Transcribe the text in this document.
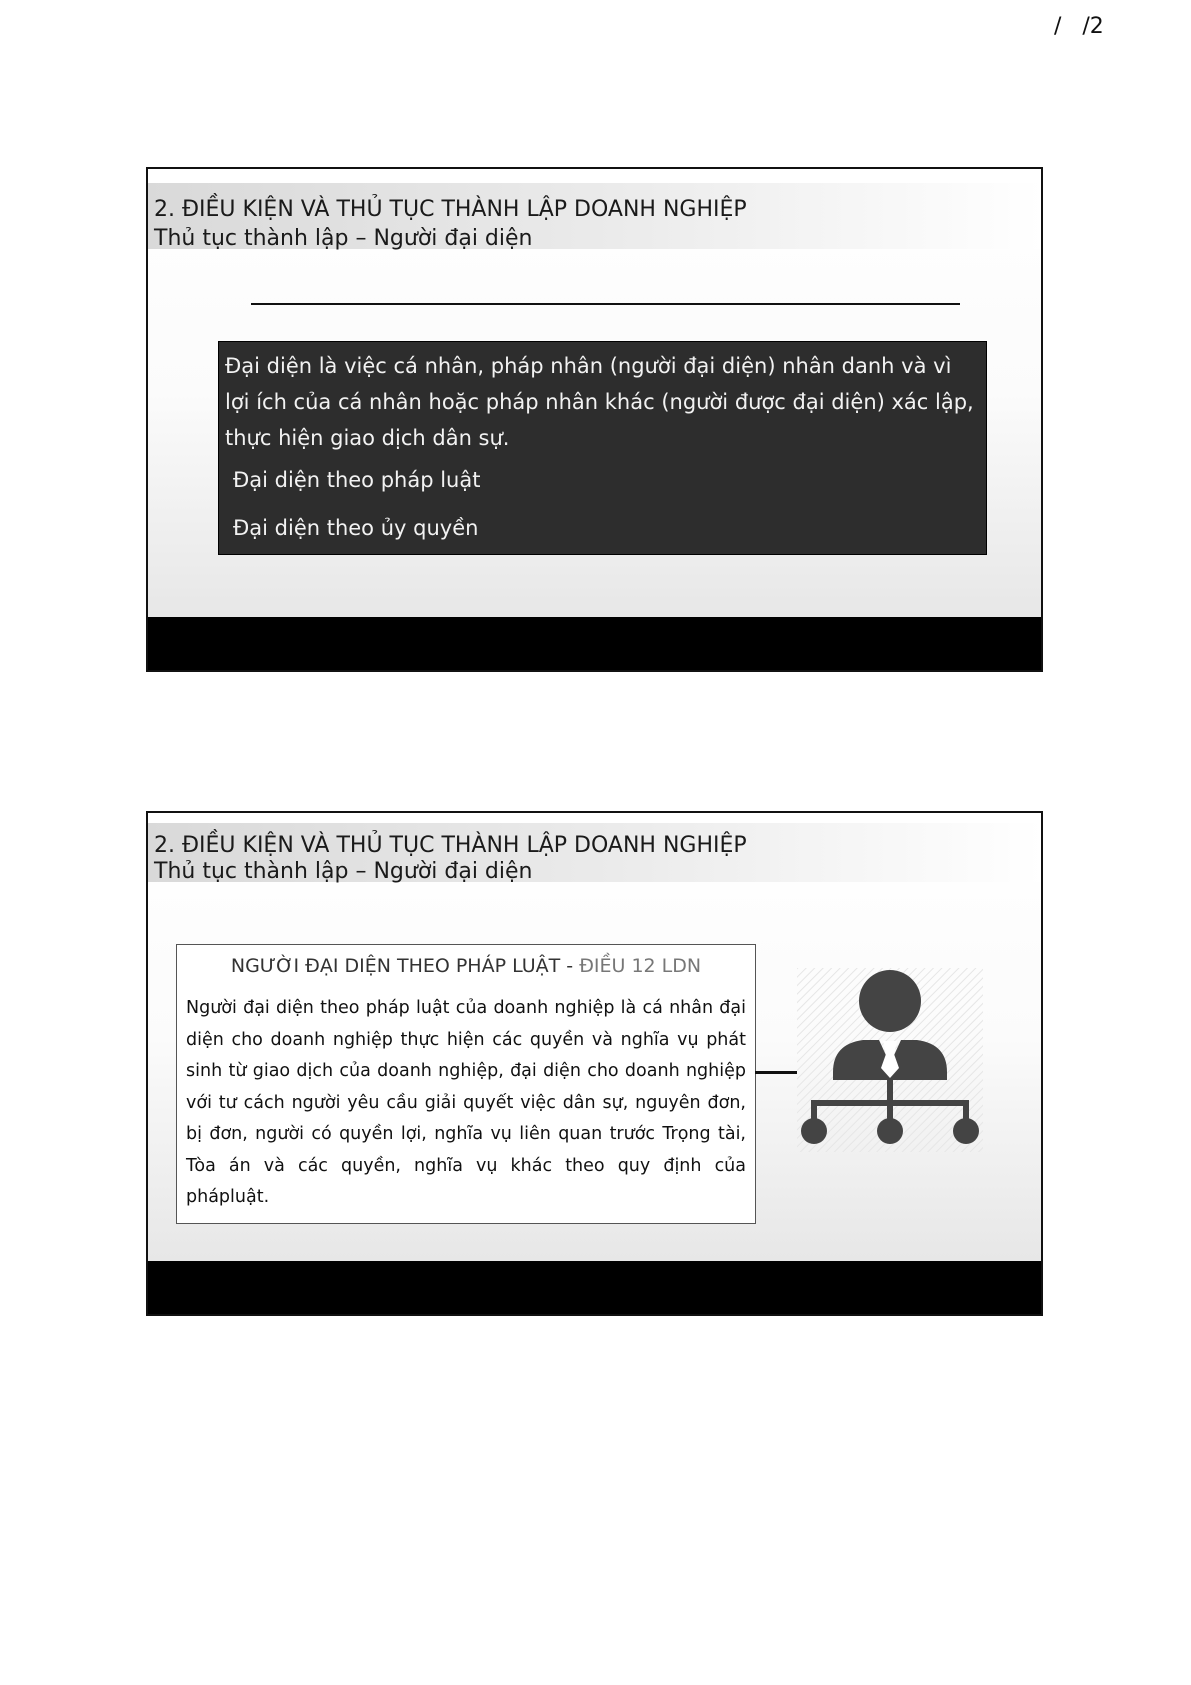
/   /2
2. ĐIỀU KIỆN VÀ THỦ TỤC THÀNH LẬP DOANH NGHIỆP
Thủ tục thành lập – Người đại diện

Đại diện là việc cá nhân, pháp nhân (người đại diện) nhân danh và vì lợi ích của cá nhân hoặc pháp nhân khác (người được đại diện) xác lập, thực hiện giao dịch dân sự.

Đại diện theo pháp luật
Đại diện theo ủy quyền
2. ĐIỀU KIỆN VÀ THỦ TỤC THÀNH LẬP DOANH NGHIỆP
Thủ tục thành lập – Người đại diện
NGƯỜI ĐẠI DIỆN THEO PHÁP LUẬT - ĐIỀU 12 LDN
Người đại diện theo pháp luật của doanh nghiệp là cá nhân đại diện cho doanh nghiệp thực hiện các quyền và nghĩa vụ phát sinh từ giao dịch của doanh nghiệp, đại diện cho doanh nghiệp với tư cách người yêu cầu giải quyết việc dân sự, nguyên đơn, bị đơn, người có quyền lợi, nghĩa vụ liên quan trước Trọng tài, Tòa án và các quyền, nghĩa vụ khác theo quy định của phápluật.
